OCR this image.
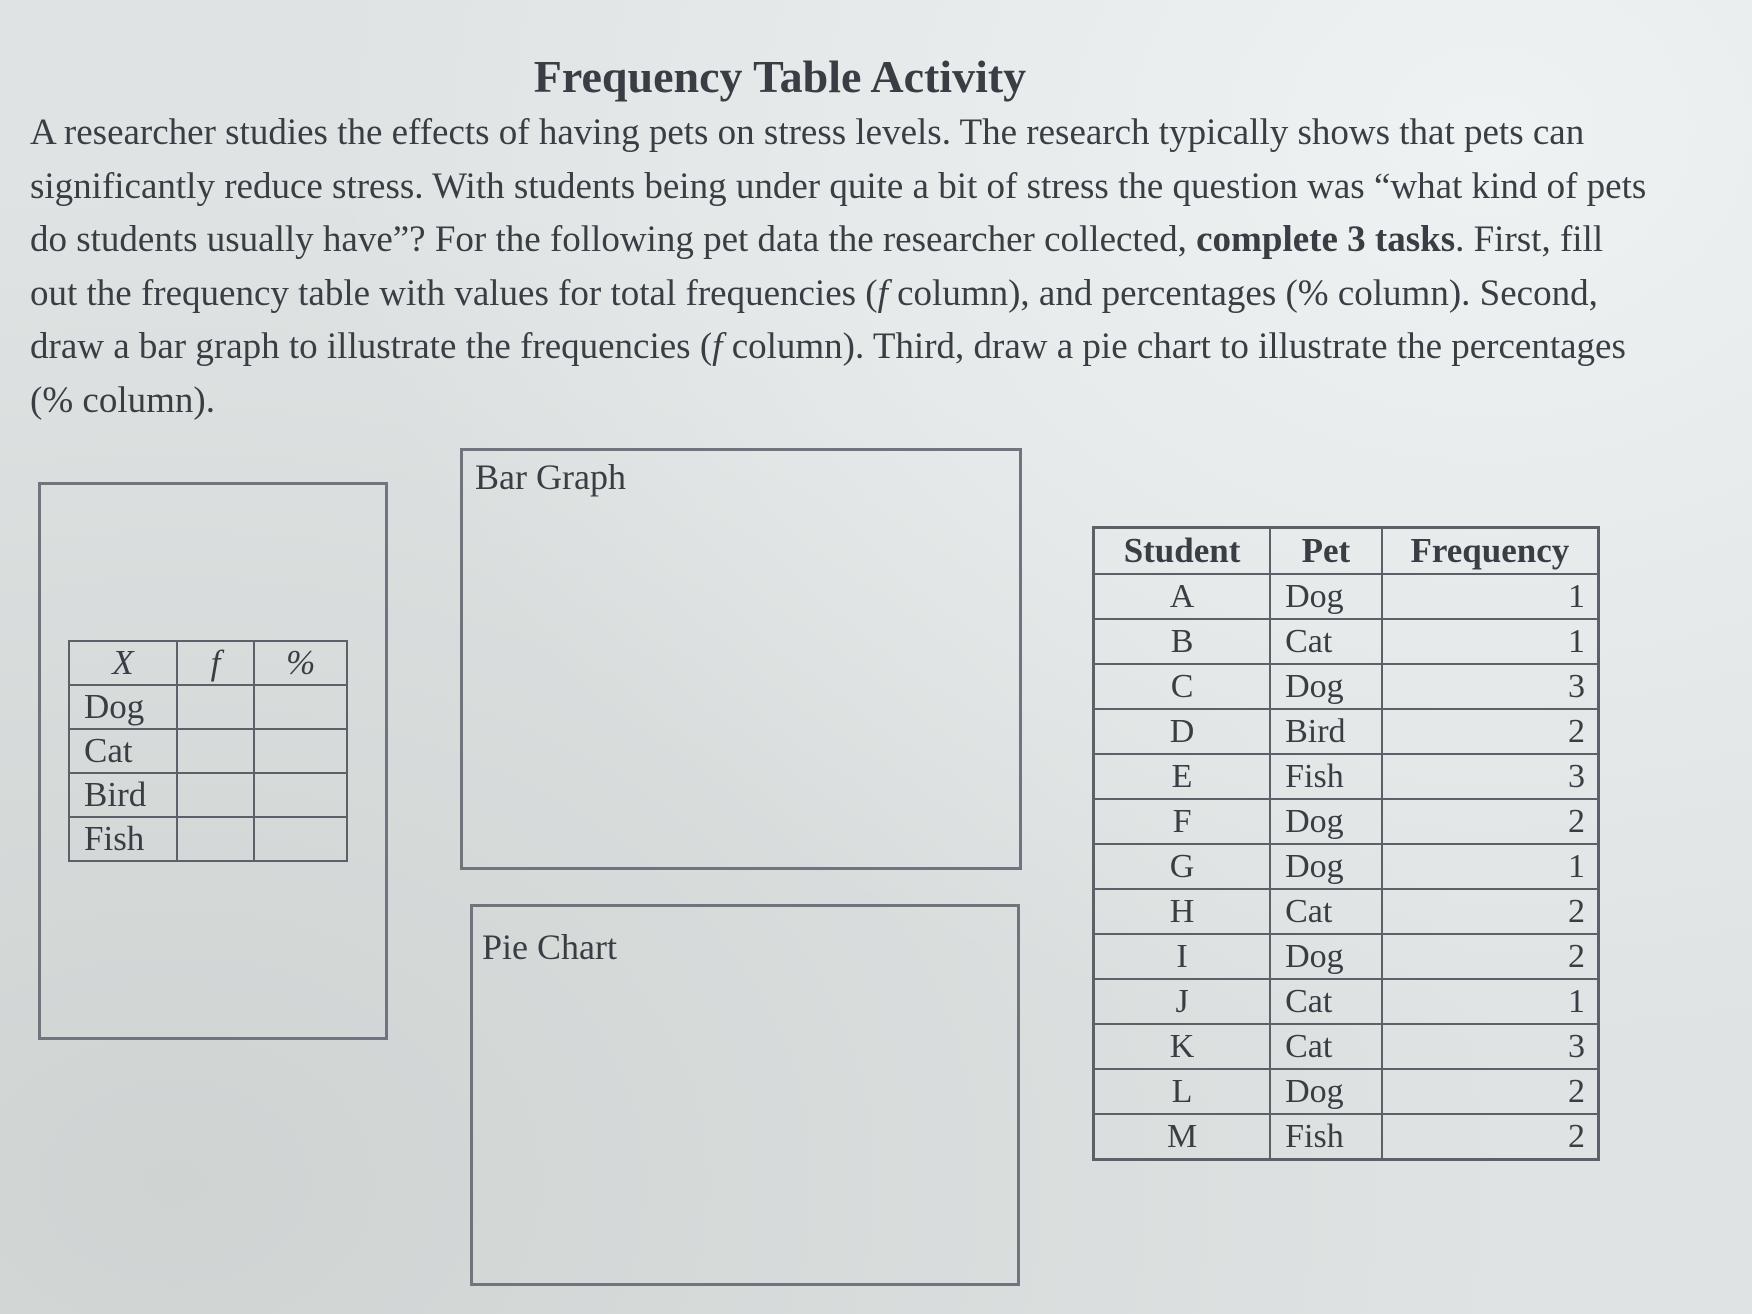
Frequency Table Activity

A researcher studies the effects of having pets on stress levels. The research typically shows that pets can significantly reduce stress. With students being under quite a bit of stress the question was “what kind of pets do students usually have”? For the following pet data the researcher collected, complete 3 tasks. First, fill out the frequency table with values for total frequencies (f column), and percentages (% column). Second, draw a bar graph to illustrate the frequencies (f column). Third, draw a pie chart to illustrate the percentages (% column).

X	f	%
Dog		
Cat		
Bird		
Fish		
Bar Graph
Pie Chart
Student	Pet	Frequency
A	Dog	1
B	Cat	1
C	Dog	3
D	Bird	2
E	Fish	3
F	Dog	2
G	Dog	1
H	Cat	2
I	Dog	2
J	Cat	1
K	Cat	3
L	Dog	2
M	Fish	2
